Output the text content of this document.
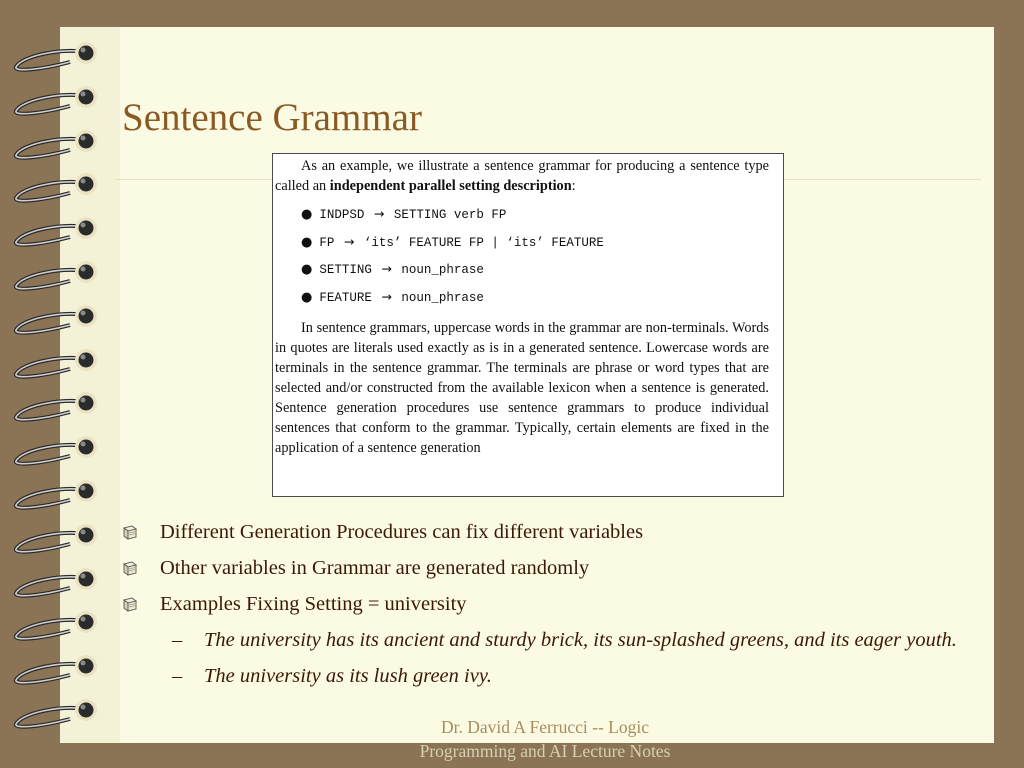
Sentence Grammar

As an example, we illustrate a sentence grammar for producing a sentence type called an independent parallel setting description:

● INDPSD → SETTING verb FP
● FP → ‘its’ FEATURE FP | ‘its’ FEATURE
● SETTING → noun_phrase
● FEATURE → noun_phrase

In sentence grammars, uppercase words in the grammar are non-terminals. Words in quotes are literals used exactly as is in a generated sentence. Lowercase words are terminals in the sentence grammar. The terminals are phrase or word types that are selected and/or constructed from the available lexicon when a sentence is generated. Sentence generation procedures use sentence grammars to produce individual sentences that conform to the grammar. Typically, certain elements are fixed in the application of a sentence generation

Different Generation Procedures can fix different variables
Other variables in Grammar are generated randomly
Examples Fixing Setting = university
– The university has its ancient and sturdy brick, its sun-splashed greens, and its eager youth.
– The university as its lush green ivy.

Dr. David A Ferrucci -- Logic
Programming and AI Lecture Notes
